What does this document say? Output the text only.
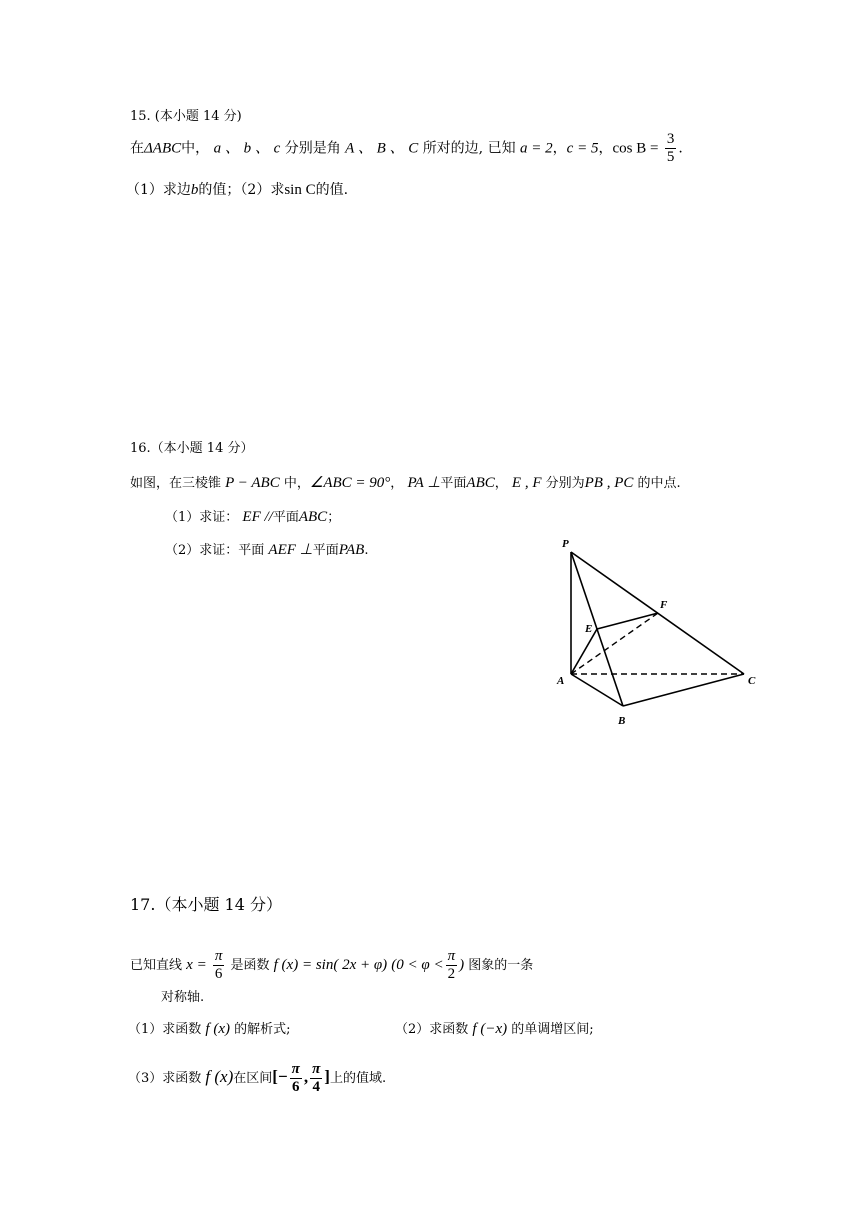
15. (本小题 14 分)
在ΔABC中， a 、 b 、 c 分别是角 A 、 B 、 C 所对的边, 已知 a = 2，c = 5，$\cos B = \frac{3}{5}$ .
（1）求边b的值；（2）求sin C的值.
16.（本小题 14 分）
如图，在三棱锥 P − ABC 中，∠ABC = 90°， PA ⊥平面ABC， E , F 分别为PB , PC 的中点.
（1）求证： EF //平面ABC；
（2）求证：平面 AEF ⊥平面PAB.	P
F
E
A	C
B
17.（本小题 14 分）
已知直线 $x = \frac{\pi}{6}$ 是函数 f (x) = sin( 2x + φ) ($0 < \varphi < \frac{\pi}{2}$ ) 图象的一条
对称轴.
（1）求函数 f (x) 的解析式;	（2）求函数 f (−x) 的单调增区间;
（3）求函数 f (x)在区间[− $\frac{\pi}{6}$ , $\frac{\pi}{4}$ ]上的值域.
